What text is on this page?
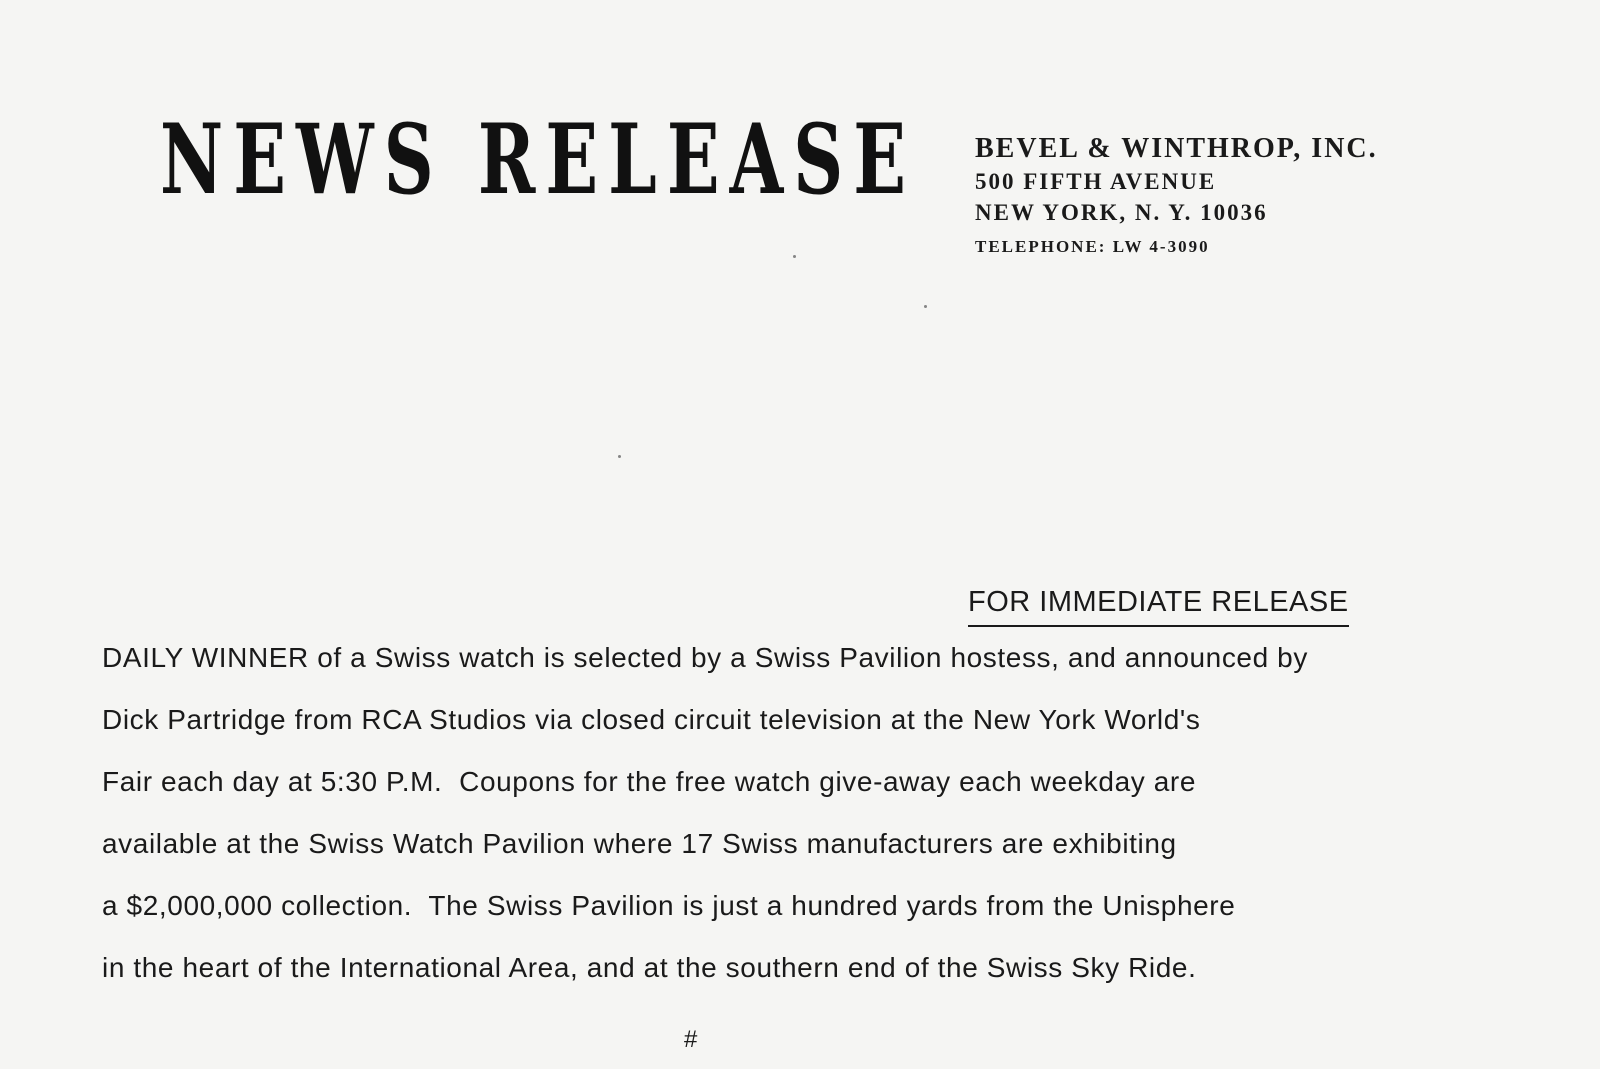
NEWS RELEASE BEVEL & WINTHROP, INC.
500 FIFTH AVENUE
NEW YORK, N. Y. 10036
TELEPHONE: LW 4-3090
FOR IMMEDIATE RELEASE
DAILY WINNER of a Swiss watch is selected by a Swiss Pavilion hostess, and announced by
Dick Partridge from RCA Studios via closed circuit television at the New York World's
Fair each day at 5:30 P.M.  Coupons for the free watch give-away each weekday are
available at the Swiss Watch Pavilion where 17 Swiss manufacturers are exhibiting
a $2,000,000 collection.  The Swiss Pavilion is just a hundred yards from the Unisphere
in the heart of the International Area, and at the southern end of the Swiss Sky Ride.
#
